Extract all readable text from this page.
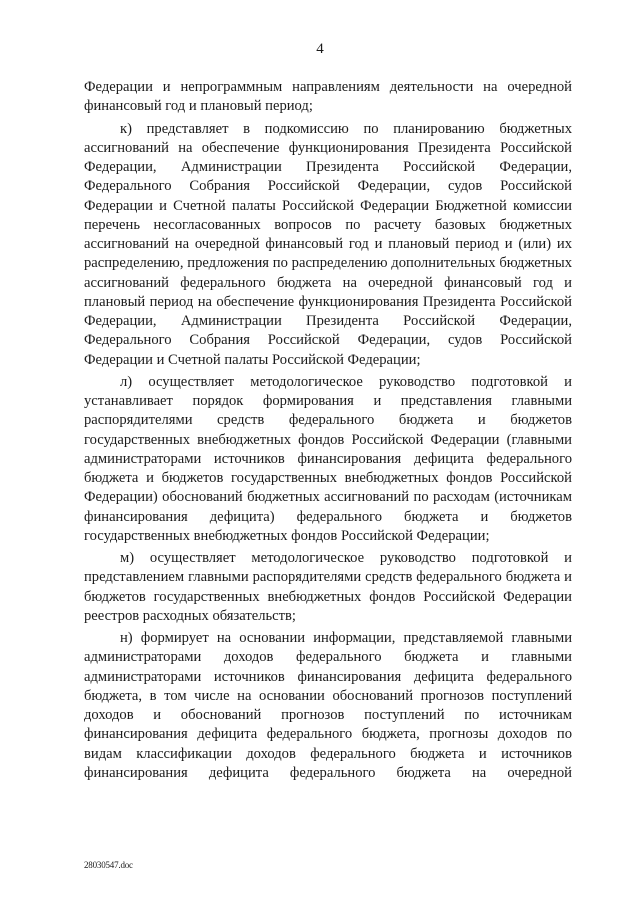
4

Федерации и непрограммным направлениям деятельности на очередной финансовый год и плановый период;

к) представляет в подкомиссию по планированию бюджетных ассигнований на обеспечение функционирования Президента Российской Федерации, Администрации Президента Российской Федерации, Федерального Собрания Российской Федерации, судов Российской Федерации и Счетной палаты Российской Федерации Бюджетной комиссии перечень несогласованных вопросов по расчету базовых бюджетных ассигнований на очередной финансовый год и плановый период и (или) их распределению, предложения по распределению дополнительных бюджетных ассигнований федерального бюджета на очередной финансовый год и плановый период на обеспечение функционирования Президента Российской Федерации, Администрации Президента Российской Федерации, Федерального Собрания Российской Федерации, судов Российской Федерации и Счетной палаты Российской Федерации;

л) осуществляет методологическое руководство подготовкой и устанавливает порядок формирования и представления главными распорядителями средств федерального бюджета и бюджетов государственных внебюджетных фондов Российской Федерации (главными администраторами источников финансирования дефицита федерального бюджета и бюджетов государственных внебюджетных фондов Российской Федерации) обоснований бюджетных ассигнований по расходам (источникам финансирования дефицита) федерального бюджета и бюджетов государственных внебюджетных фондов Российской Федерации;

м) осуществляет методологическое руководство подготовкой и представлением главными распорядителями средств федерального бюджета и бюджетов государственных внебюджетных фондов Российской Федерации реестров расходных обязательств;

н) формирует на основании информации, представляемой главными администраторами доходов федерального бюджета и главными администраторами источников финансирования дефицита федерального бюджета, в том числе на основании обоснований прогнозов поступлений доходов и обоснований прогнозов поступлений по источникам финансирования дефицита федерального бюджета, прогнозы доходов по видам классификации доходов федерального бюджета и источников финансирования дефицита федерального бюджета на очередной

28030547.doc
